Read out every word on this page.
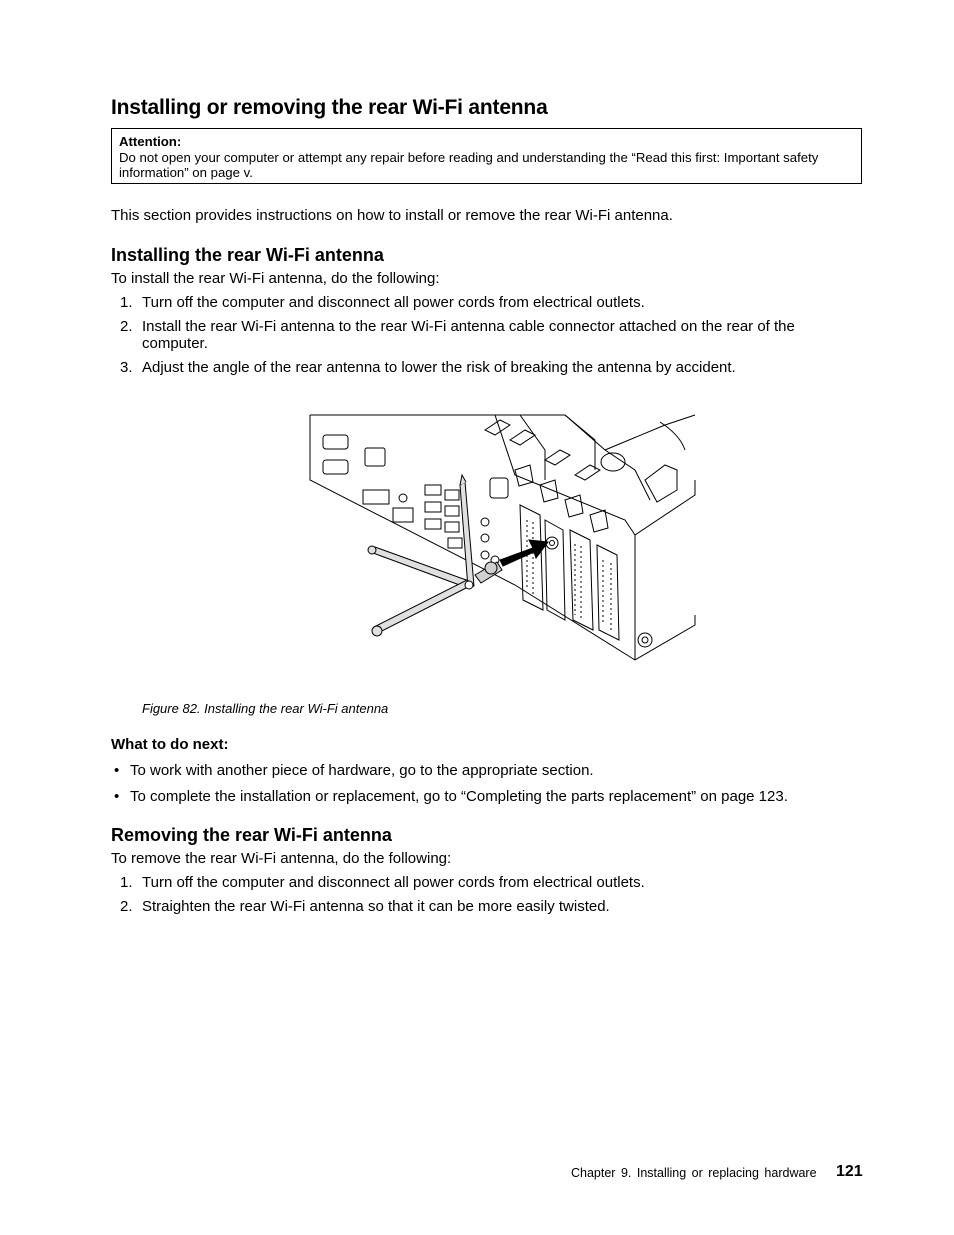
Installing or removing the rear Wi-Fi antenna
Attention:
Do not open your computer or attempt any repair before reading and understanding the “Read this first: Important safety information” on page v.
This section provides instructions on how to install or remove the rear Wi-Fi antenna.
Installing the rear Wi-Fi antenna
To install the rear Wi-Fi antenna, do the following:
1. Turn off the computer and disconnect all power cords from electrical outlets.
2. Install the rear Wi-Fi antenna to the rear Wi-Fi antenna cable connector attached on the rear of the computer.
3. Adjust the angle of the rear antenna to lower the risk of breaking the antenna by accident.
Figure 82. Installing the rear Wi-Fi antenna
What to do next:
• To work with another piece of hardware, go to the appropriate section.
• To complete the installation or replacement, go to “Completing the parts replacement” on page 123.
Removing the rear Wi-Fi antenna
To remove the rear Wi-Fi antenna, do the following:
1. Turn off the computer and disconnect all power cords from electrical outlets.
2. Straighten the rear Wi-Fi antenna so that it can be more easily twisted.
Chapter 9. Installing or replacing hardware 121
